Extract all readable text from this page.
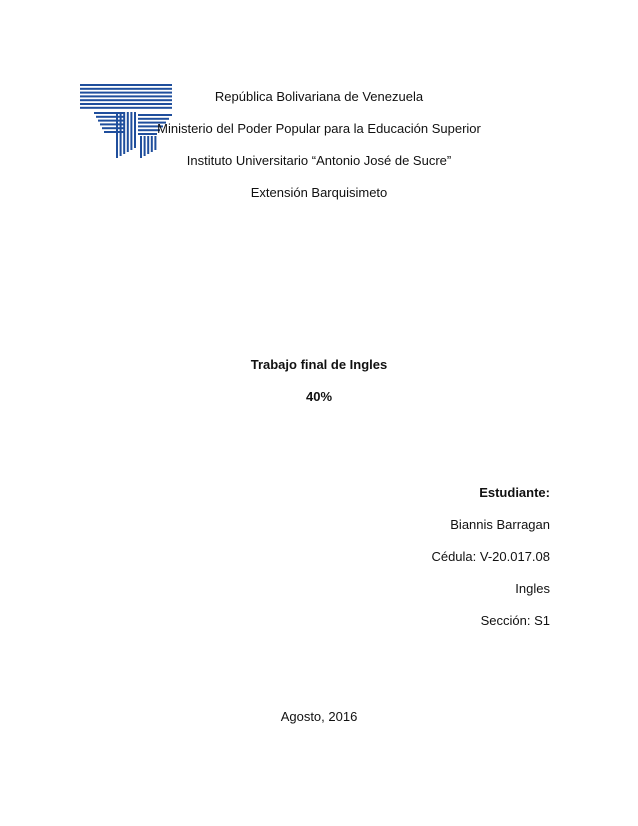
República Bolivariana de Venezuela
Ministerio del Poder Popular para la Educación Superior
Instituto Universitario “Antonio José de Sucre”
Extensión Barquisimeto
Trabajo final de Ingles
40%
Estudiante:
Biannis Barragan
Cédula: V-20.017.08
Ingles
Sección: S1
Agosto, 2016
